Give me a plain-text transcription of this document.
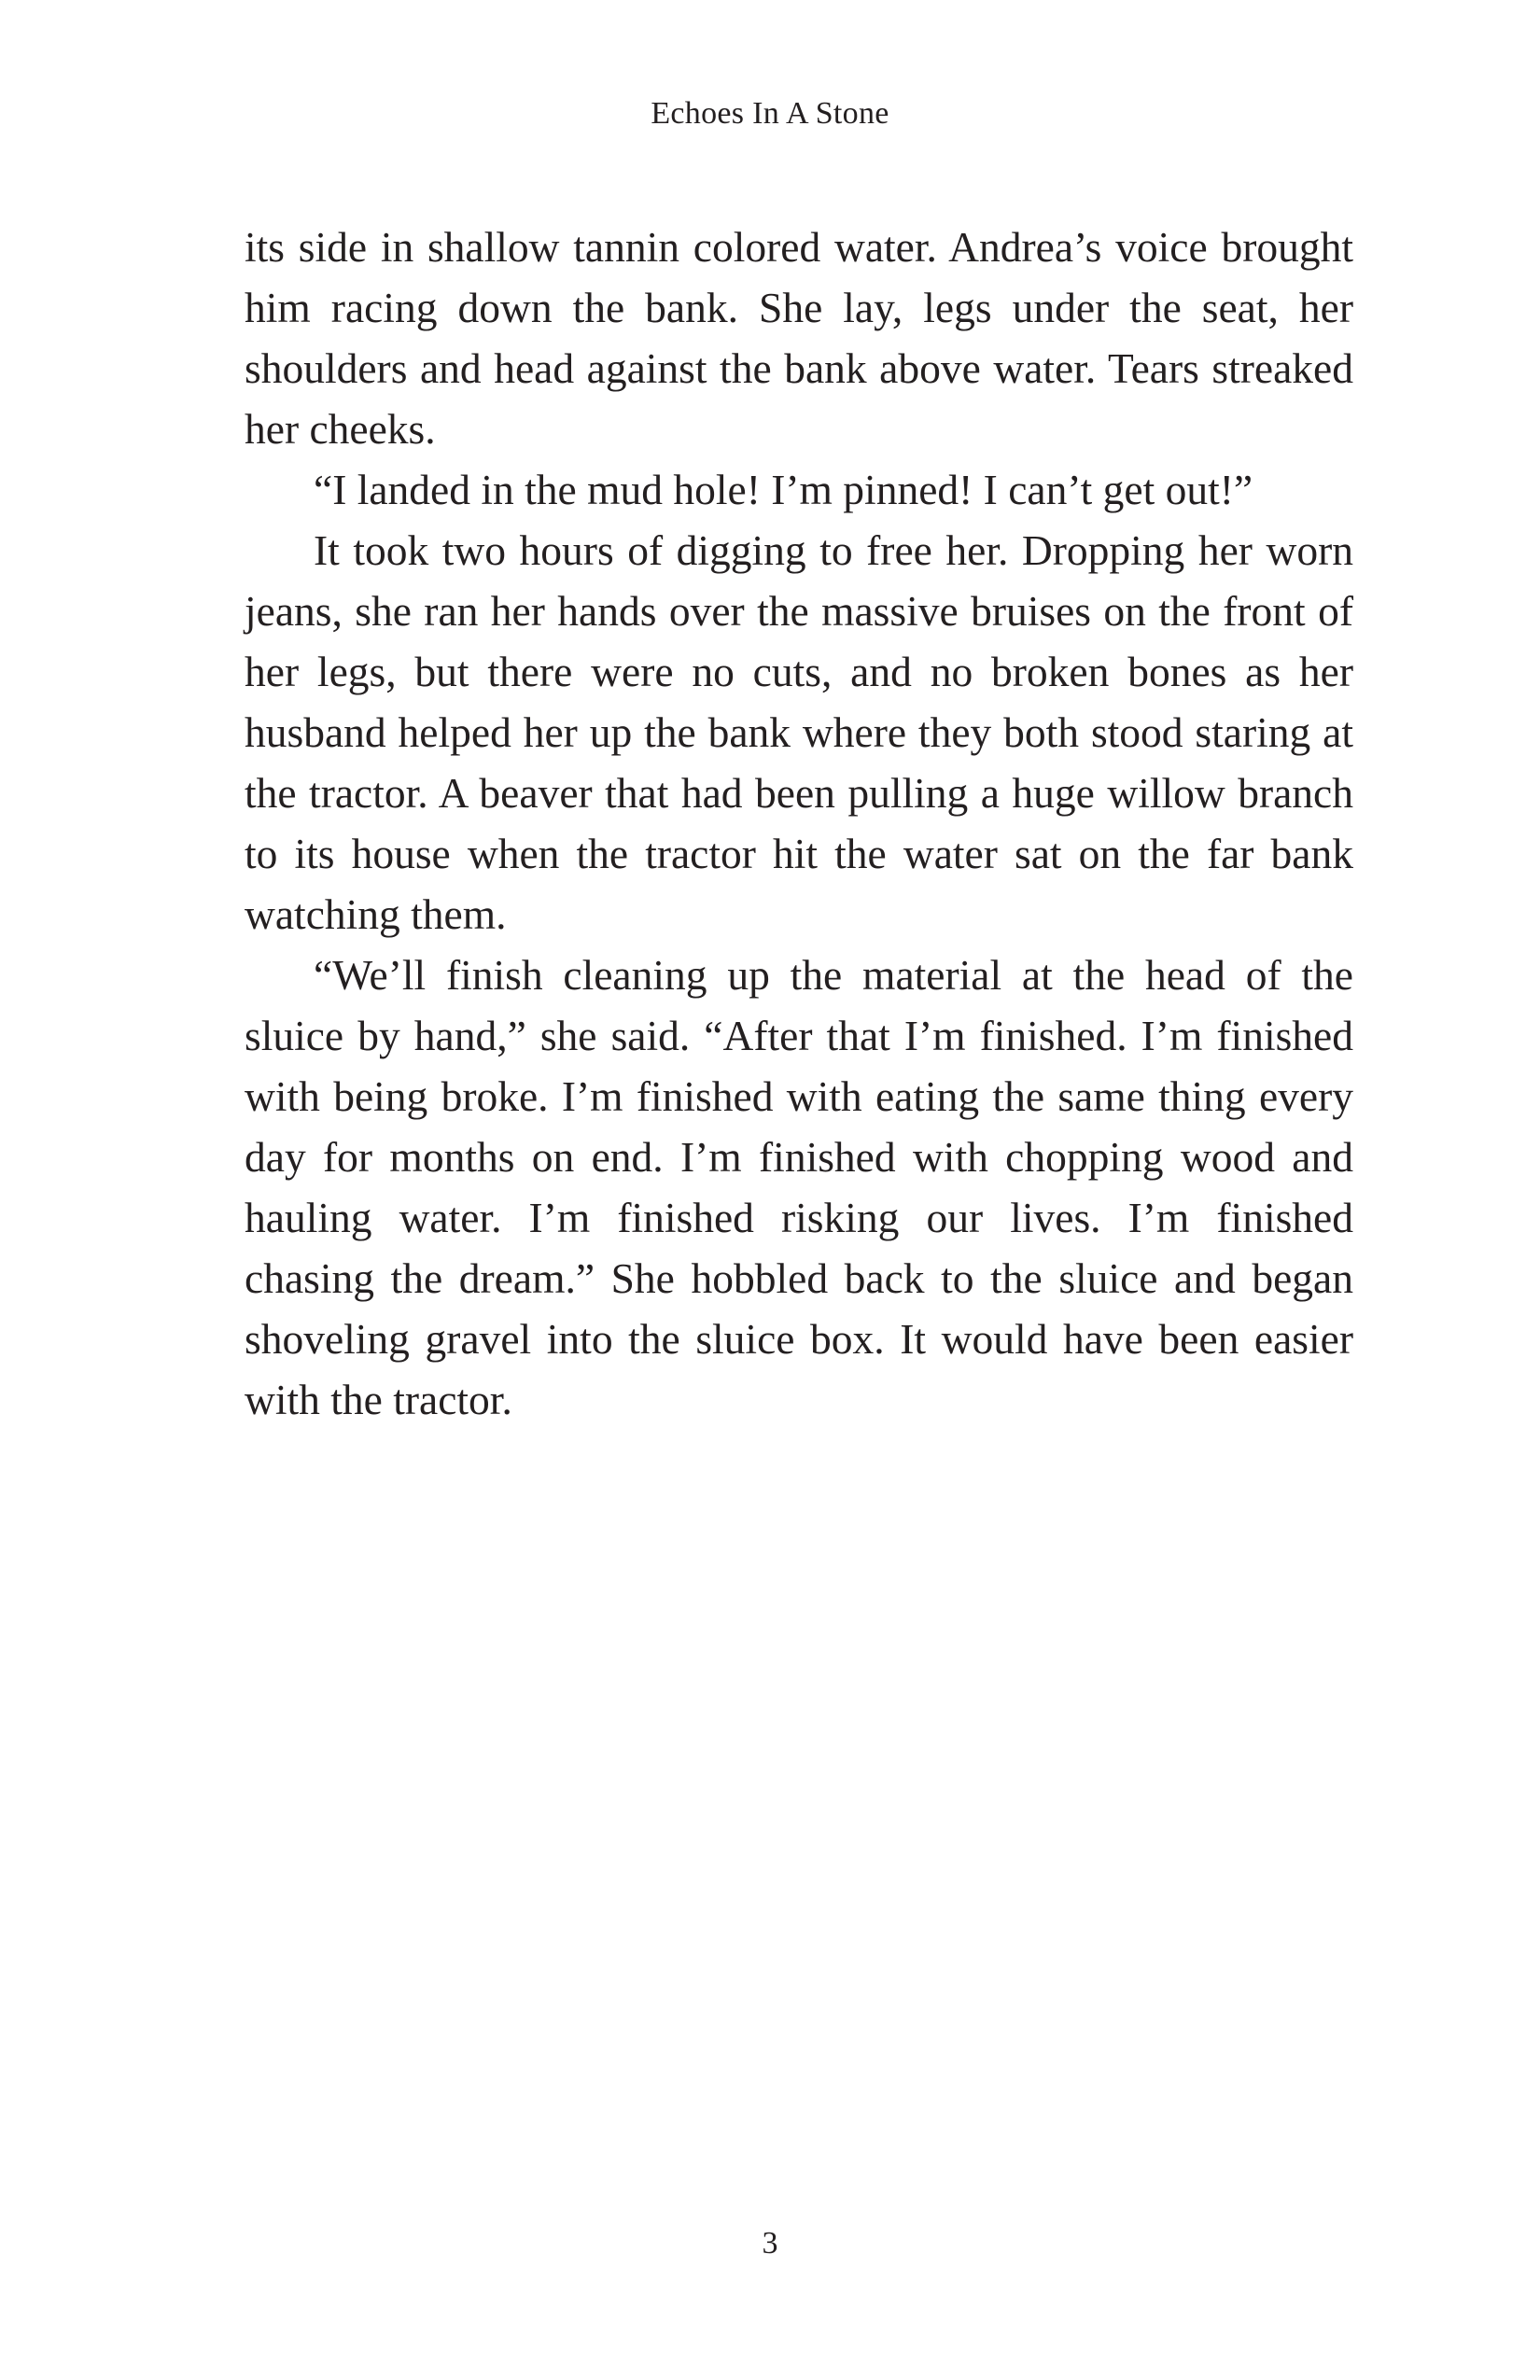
Echoes In A Stone

its side in shallow tannin colored water. Andrea’s voice brought him racing down the bank. She lay, legs under the seat, her shoulders and head against the bank above water. Tears streaked her cheeks.

“I landed in the mud hole! I’m pinned! I can’t get out!”

It took two hours of digging to free her. Dropping her worn jeans, she ran her hands over the massive bruises on the front of her legs, but there were no cuts, and no broken bones as her husband helped her up the bank where they both stood staring at the tractor. A beaver that had been pulling a huge willow branch to its house when the tractor hit the water sat on the far bank watching them.

“We’ll finish cleaning up the material at the head of the sluice by hand,” she said. “After that I’m finished. I’m finished with being broke. I’m finished with eating the same thing every day for months on end. I’m finished with chopping wood and hauling water. I’m finished risking our lives. I’m finished chasing the dream.” She hobbled back to the sluice and began shoveling gravel into the sluice box. It would have been easier with the tractor.

3
